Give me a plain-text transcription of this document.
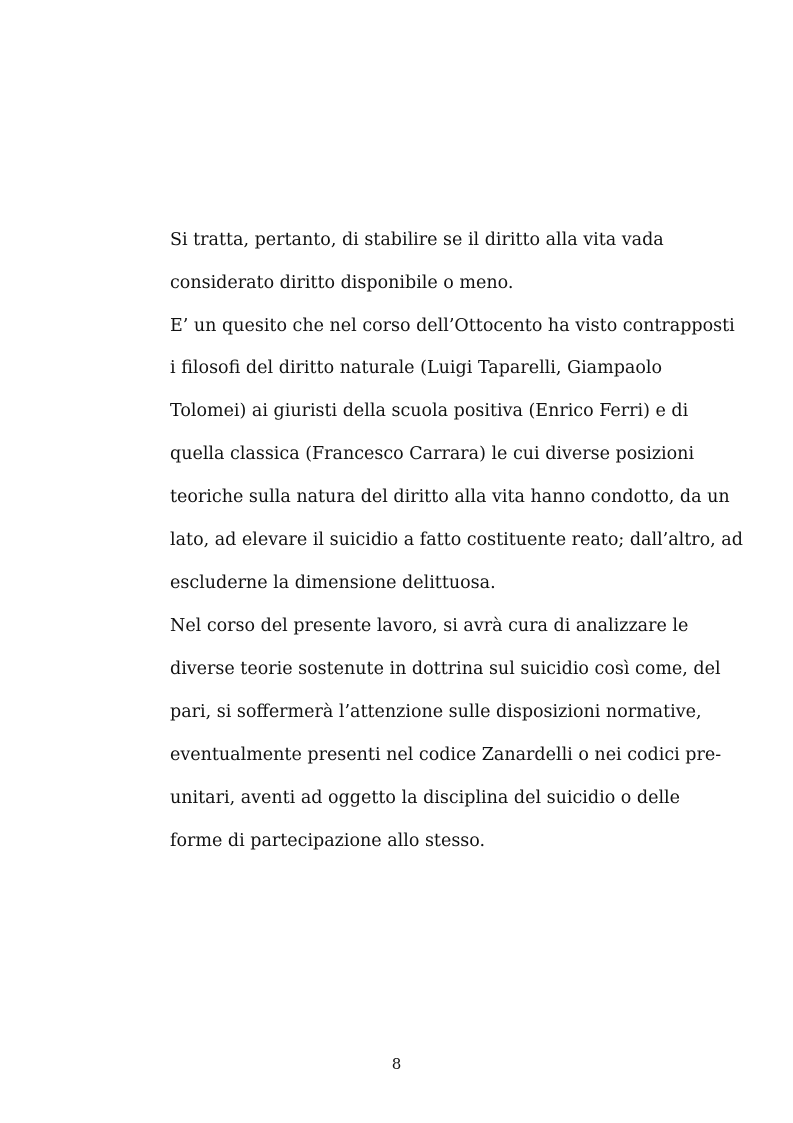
Si tratta, pertanto, di stabilire se il diritto alla vita vada
considerato diritto disponibile o meno.
E’ un quesito che nel corso dell’Ottocento ha visto contrapposti
i filosofi del diritto naturale (Luigi Taparelli, Giampaolo
Tolomei) ai giuristi della scuola positiva (Enrico Ferri) e di
quella classica (Francesco Carrara) le cui diverse posizioni
teoriche sulla natura del diritto alla vita hanno condotto, da un
lato, ad elevare il suicidio a fatto costituente reato; dall’altro, ad
escluderne la dimensione delittuosa.
Nel corso del presente lavoro, si avrà cura di analizzare le
diverse teorie sostenute in dottrina sul suicidio così come, del
pari, si soffermerà l’attenzione sulle disposizioni normative,
eventualmente presenti nel codice Zanardelli o nei codici pre-
unitari, aventi ad oggetto la disciplina del suicidio o delle
forme di partecipazione allo stesso.
8
